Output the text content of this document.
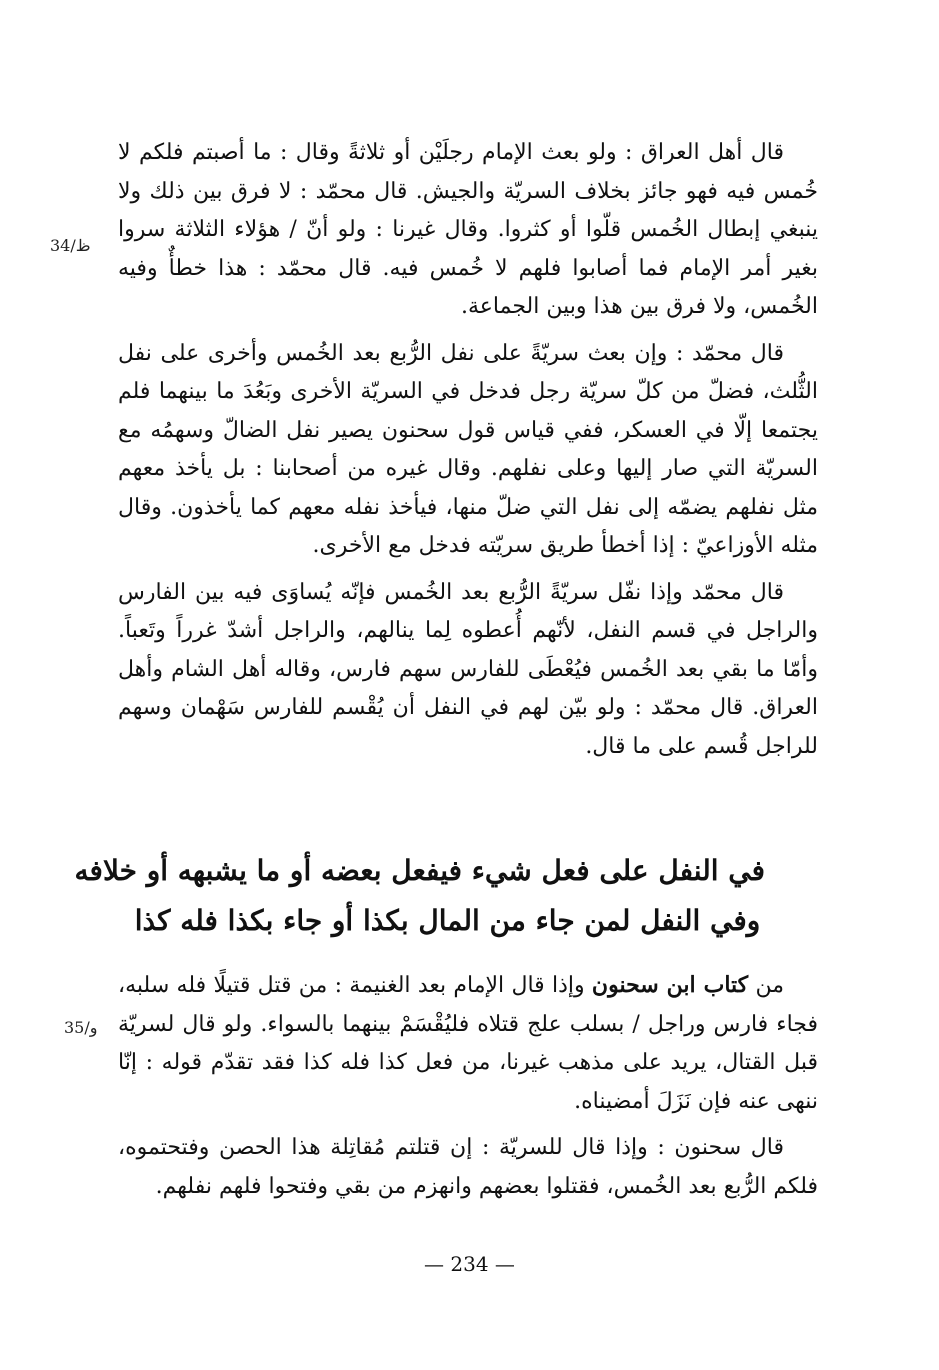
34/ظ

قال أهل العراق : ولو بعث الإمام رجلَيْن أو ثلاثةً وقال : ما أصبتم فلكم لا خُمس فيه فهو جائز بخلاف السريّة والجيش. قال محمّد : لا فرق بين ذلك ولا ينبغي إبطال الخُمس قلّوا أو كثروا. وقال غيرنا : ولو أنّ / هؤلاء الثلاثة سروا بغير أمر الإمام فما أصابوا فلهم لا خُمس فيه. قال محمّد : هذا خطأٌ وفيه الخُمس، ولا فرق بين هذا وبين الجماعة.

قال محمّد : وإن بعث سريّةً على نفل الرُّبع بعد الخُمس وأخرى على نفل الثُّلث، فضلّ من كلّ سريّة رجل فدخل في السريّة الأخرى وبَعُدَ ما بينهما فلم يجتمعا إلّا في العسكر، ففي قياس قول سحنون يصير نفل الضالّ وسهمُه مع السريّة التي صار إليها وعلى نفلهم. وقال غيره من أصحابنا : بل يأخذ معهم مثل نفلهم يضمّه إلى نفل التي ضلّ منها، فيأخذ نفله معهم كما يأخذون. وقال مثله الأوزاعيّ : إذا أخطأ طريق سريّته فدخل مع الأخرى.

قال محمّد وإذا نفّل سريّةً الرُّبع بعد الخُمس فإنّه يُساوَى فيه بين الفارس والراجل في قسم النفل، لأنّهم أُعطوه لِما ينالهم، والراجل أشدّ غرراً وتَعباً. وأمّا ما بقي بعد الخُمس فيُعْطَى للفارس سهم فارس، وقاله أهل الشام وأهل العراق. قال محمّد : ولو بيّن لهم في النفل أن يُقْسم للفارس سَهْمان وسهم للراجل قُسم على ما قال.

في النفل على فعل شيء فيفعل بعضه أو ما يشبهه أو خلافه
وفي النفل لمن جاء من المال بكذا أو جاء بكذا فله كذا
35/و

من كتاب ابن سحنون وإذا قال الإمام بعد الغنيمة : من قتل قتيلًا فله سلبه، فجاء فارس وراجل / بسلب علج قتلاه فليُقْسَمْ بينهما بالسواء. ولو قال لسريّة قبل القتال، يريد على مذهب غيرنا، من فعل كذا فله كذا فقد تقدّم قوله : إنّا ننهى عنه فإن نَزَلَ أمضيناه.

قال سحنون : وإذا قال للسريّة : إن قتلتم مُقاتِلة هذا الحصن وفتحتموه، فلكم الرُّبع بعد الخُمس، فقتلوا بعضهم وانهزم من بقي وفتحوا فلهم نفلهم.

— 234 —
